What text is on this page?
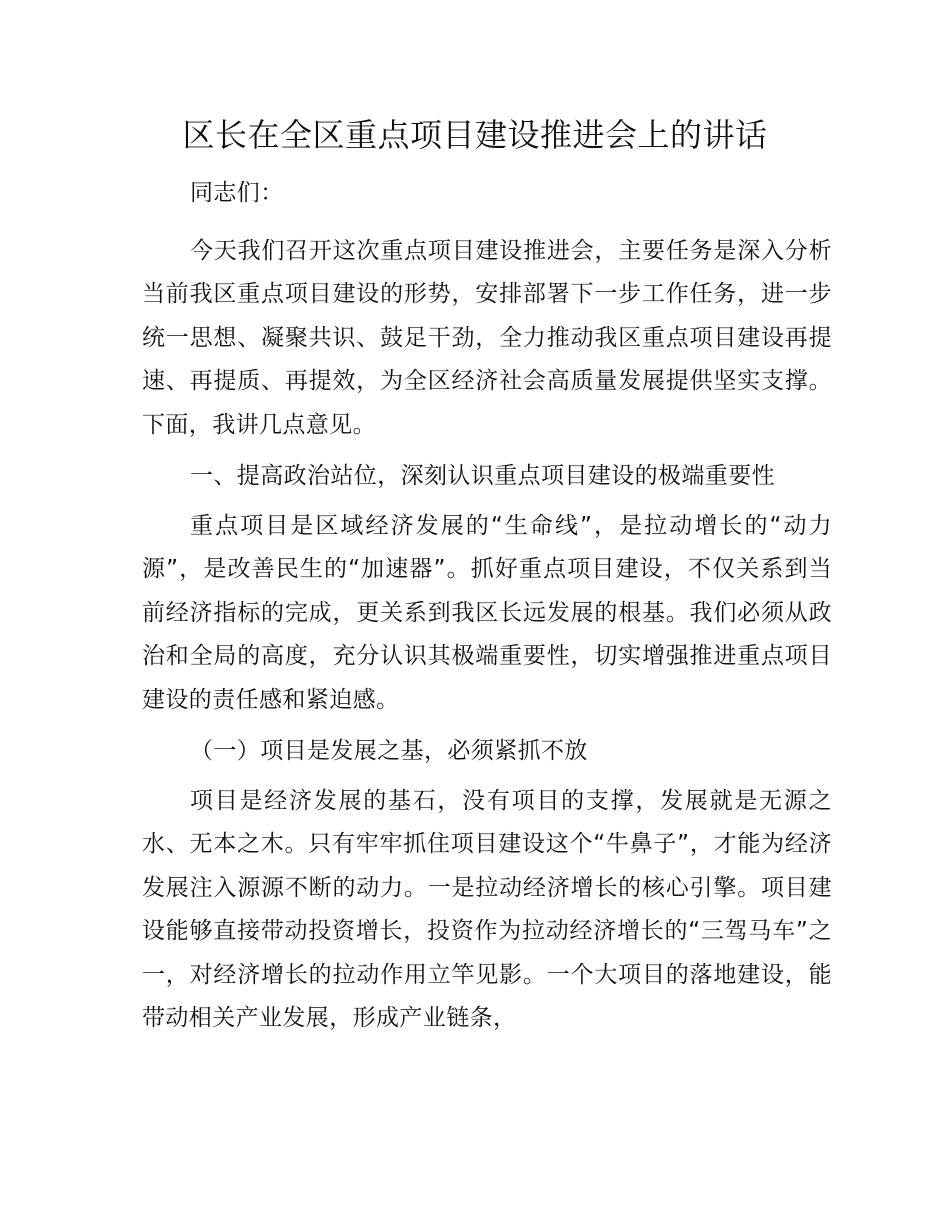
区长在全区重点项目建设推进会上的讲话

同志们：

今天我们召开这次重点项目建设推进会，主要任务是深入分析当前我区重点项目建设的形势，安排部署下一步工作任务，进一步统一思想、凝聚共识、鼓足干劲，全力推动我区重点项目建设再提速、再提质、再提效，为全区经济社会高质量发展提供坚实支撑。下面，我讲几点意见。

一、提高政治站位，深刻认识重点项目建设的极端重要性

重点项目是区域经济发展的“生命线”，是拉动增长的“动力源”，是改善民生的“加速器”。抓好重点项目建设，不仅关系到当前经济指标的完成，更关系到我区长远发展的根基。我们必须从政治和全局的高度，充分认识其极端重要性，切实增强推进重点项目建设的责任感和紧迫感。

（一）项目是发展之基，必须紧抓不放

项目是经济发展的基石，没有项目的支撑，发展就是无源之水、无本之木。只有牢牢抓住项目建设这个“牛鼻子”，才能为经济发展注入源源不断的动力。一是拉动经济增长的核心引擎。项目建设能够直接带动投资增长，投资作为拉动经济增长的“三驾马车”之一，对经济增长的拉动作用立竿见影。一个大项目的落地建设，能带动相关产业发展，形成产业链条，
